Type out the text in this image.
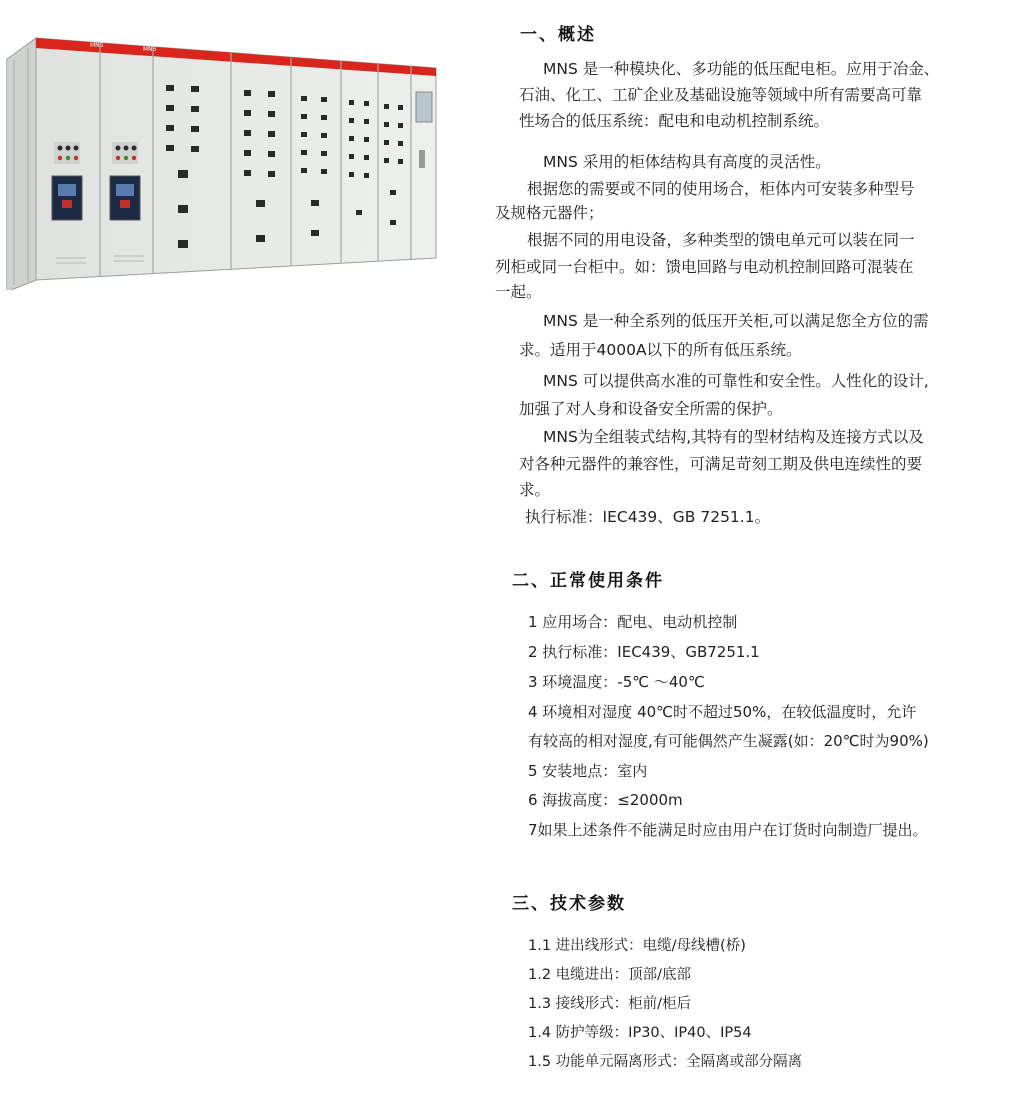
MNS
MNS
一、概述
MNS 是一种模块化、多功能的低压配电柜。应用于冶金、
石油、化工、工矿企业及基础设施等领域中所有需要高可靠
性场合的低压系统：配电和电动机控制系统。
MNS 采用的柜体结构具有高度的灵活性。
根据您的需要或不同的使用场合，柜体内可安装多种型号
及规格元器件；
根据不同的用电设备，多种类型的馈电单元可以装在同一
列柜或同一台柜中。如：馈电回路与电动机控制回路可混装在
一起。
MNS 是一种全系列的低压开关柜,可以满足您全方位的需
求。适用于4000A以下的所有低压系统。
MNS 可以提供高水准的可靠性和安全性。人性化的设计,
加强了对人身和设备安全所需的保护。
MNS为全组装式结构,其特有的型材结构及连接方式以及
对各种元器件的兼容性，可满足苛刻工期及供电连续性的要
求。
执行标准：IEC439、GB 7251.1。
二、正常使用条件
1 应用场合：配电、电动机控制
2 执行标准：IEC439、GB7251.1
3 环境温度：-5℃ ～40℃
4 环境相对湿度 40℃时不超过50%，在较低温度时，允许
有较高的相对湿度,有可能偶然产生凝露(如：20℃时为90%)
5 安装地点：室内
6 海拔高度：≤2000m
7如果上述条件不能满足时应由用户在订货时向制造厂提出。
三、技术参数
1.1 进出线形式：电缆/母线槽(桥)
1.2 电缆进出：顶部/底部
1.3 接线形式：柜前/柜后
1.4 防护等级：IP30、IP40、IP54
1.5 功能单元隔离形式：全隔离或部分隔离
